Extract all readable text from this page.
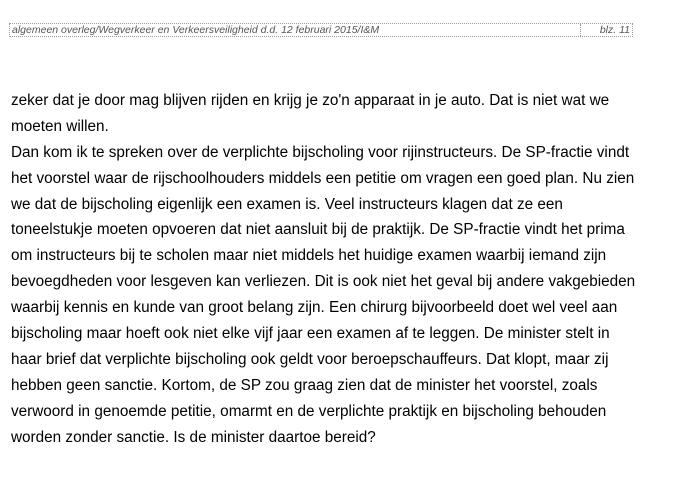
algemeen overleg/Wegverkeer en Verkeersveiligheid d.d. 12 februari 2015/I&M	blz. 11
zeker dat je door mag blijven rijden en krijg je zo'n apparaat in je auto. Dat is niet wat we
moeten willen.
Dan kom ik te spreken over de verplichte bijscholing voor rijinstructeurs. De SP-fractie vindt
het voorstel waar de rijschoolhouders middels een petitie om vragen een goed plan. Nu zien
we dat de bijscholing eigenlijk een examen is. Veel instructeurs klagen dat ze een
toneelstukje moeten opvoeren dat niet aansluit bij de praktijk. De SP-fractie vindt het prima
om instructeurs bij te scholen maar niet middels het huidige examen waarbij iemand zijn
bevoegdheden voor lesgeven kan verliezen. Dit is ook niet het geval bij andere vakgebieden
waarbij kennis en kunde van groot belang zijn. Een chirurg bijvoorbeeld doet wel veel aan
bijscholing maar hoeft ook niet elke vijf jaar een examen af te leggen. De minister stelt in
haar brief dat verplichte bijscholing ook geldt voor beroepschauffeurs. Dat klopt, maar zij
hebben geen sanctie. Kortom, de SP zou graag zien dat de minister het voorstel, zoals
verwoord in genoemde petitie, omarmt en de verplichte praktijk en bijscholing behouden
worden zonder sanctie. Is de minister daartoe bereid?
